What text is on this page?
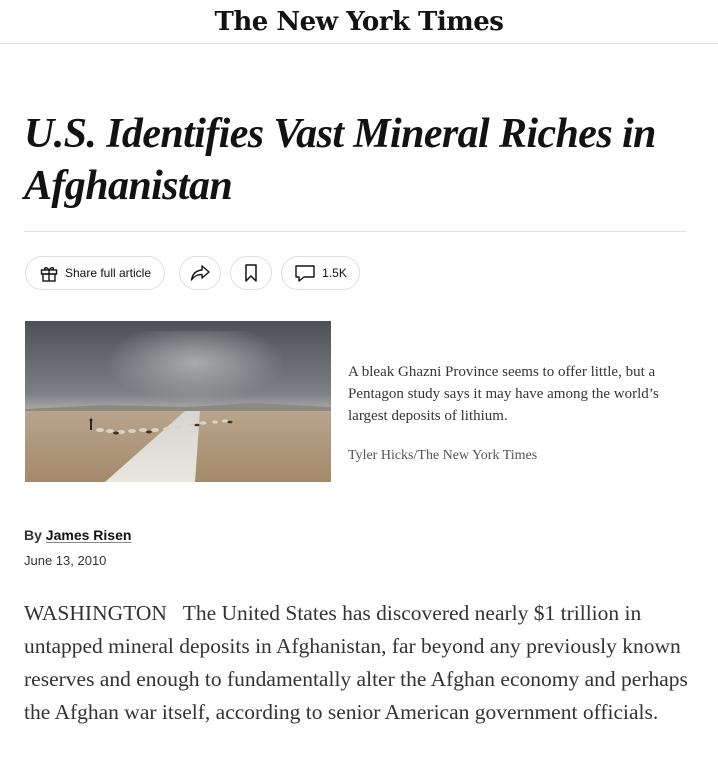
The New York Times
U.S. Identifies Vast Mineral Riches in Afghanistan
Share full article	1.5K
A bleak Ghazni Province seems to offer little, but a Pentagon study says it may have among the world’s largest deposits of lithium.
Tyler Hicks/The New York Times
By James Risen
June 13, 2010

WASHINGTON The United States has discovered nearly $1 trillion in untapped mineral deposits in Afghanistan, far beyond any previously known reserves and enough to fundamentally alter the Afghan economy and perhaps the Afghan war itself, according to senior American government officials.
